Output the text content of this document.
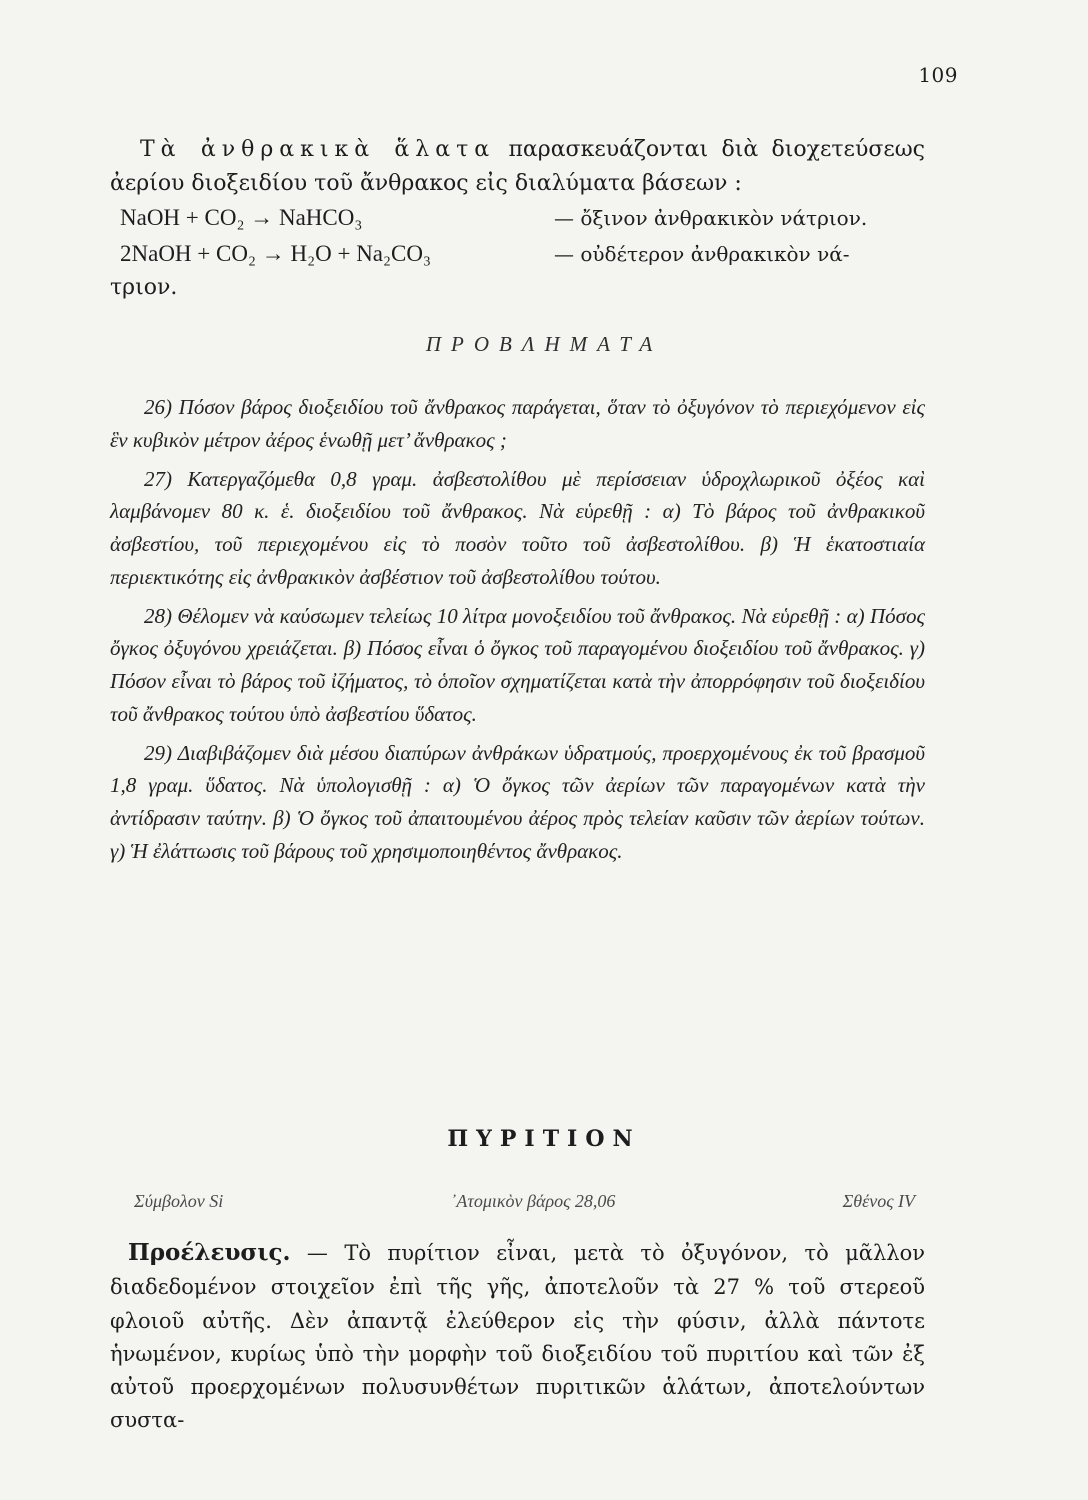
109
Τὰ ἀνθρακικὰ ἅλατα παρασκευάζονται διὰ διοχετεύσεως ἀερίου διοξειδίου τοῦ ἄνθρακος εἰς διαλύματα βάσεων :
NaOH + CO₂ → NaHCO₃	— ὄξινον ἀνθρακικὸν νάτριον.
2NaOH + CO₂ → H₂O + Na₂CO₃	— οὐδέτερον ἀνθρακικὸν νά-
τριον.
ΠΡΟΒΛΗΜΑΤΑ

26) Πόσον βάρος διοξειδίου τοῦ ἄνθρακος παράγεται, ὅταν τὸ ὀξυγόνον τὸ περιεχόμενον εἰς ἓν κυβικὸν μέτρον ἀέρος ἑνωθῇ μετ’ ἄνθρακος ;

27) Κατεργαζόμεθα 0,8 γραμ. ἀσβεστολίθου μὲ περίσσειαν ὑδροχλωρικοῦ ὀξέος καὶ λαμβάνομεν 80 κ. ἑ. διοξειδίου τοῦ ἄνθρακος. Νὰ εὑρεθῇ : α) Τὸ βάρος τοῦ ἀνθρακικοῦ ἀσβεστίου, τοῦ περιεχομένου εἰς τὸ ποσὸν τοῦτο τοῦ ἀσβεστολίθου. β) Ἡ ἑκατοστιαία περιεκτικότης εἰς ἀνθρακικὸν ἀσβέστιον τοῦ ἀσβεστολίθου τούτου.

28) Θέλομεν νὰ καύσωμεν τελείως 10 λίτρα μονοξειδίου τοῦ ἄνθρακος. Νὰ εὑρεθῇ : α) Πόσος ὄγκος ὀξυγόνου χρειάζεται. β) Πόσος εἶναι ὁ ὄγκος τοῦ παραγομένου διοξειδίου τοῦ ἄνθρακος. γ) Πόσον εἶναι τὸ βάρος τοῦ ἰζήματος, τὸ ὁποῖον σχηματίζεται κατὰ τὴν ἀπορρόφησιν τοῦ διοξειδίου τοῦ ἄνθρακος τούτου ὑπὸ ἀσβεστίου ὕδατος.

29) Διαβιβάζομεν διὰ μέσου διαπύρων ἀνθράκων ὑδρατμούς, προερχομένους ἐκ τοῦ βρασμοῦ 1,8 γραμ. ὕδατος. Νὰ ὑπολογισθῇ : α) Ὁ ὄγκος τῶν ἀερίων τῶν παραγομένων κατὰ τὴν ἀντίδρασιν ταύτην. β) Ὁ ὄγκος τοῦ ἀπαιτουμένου ἀέρος πρὸς τελείαν καῦσιν τῶν ἀερίων τούτων. γ) Ἡ ἐλάττωσις τοῦ βάρους τοῦ χρησιμοποιηθέντος ἄνθρακος.

ΠΥΡΙΤΙΟΝ
Σύμβολον Si	᾿Ατομικὸν βάρος 28,06	Σθένος IV

Προέλευσις. — Τὸ πυρίτιον εἶναι, μετὰ τὸ ὀξυγόνον, τὸ μᾶλλον διαδεδομένον στοιχεῖον ἐπὶ τῆς γῆς, ἀποτελοῦν τὰ 27 % τοῦ στερεοῦ φλοιοῦ αὐτῆς. Δὲν ἀπαντᾷ ἐλεύθερον εἰς τὴν φύσιν, ἀλλὰ πάντοτε ἡνωμένον, κυρίως ὑπὸ τὴν μορφὴν τοῦ διοξειδίου τοῦ πυριτίου καὶ τῶν ἐξ αὐτοῦ προερχομένων πολυσυνθέτων πυριτικῶν ἁλάτων, ἀποτελούντων συστα-
